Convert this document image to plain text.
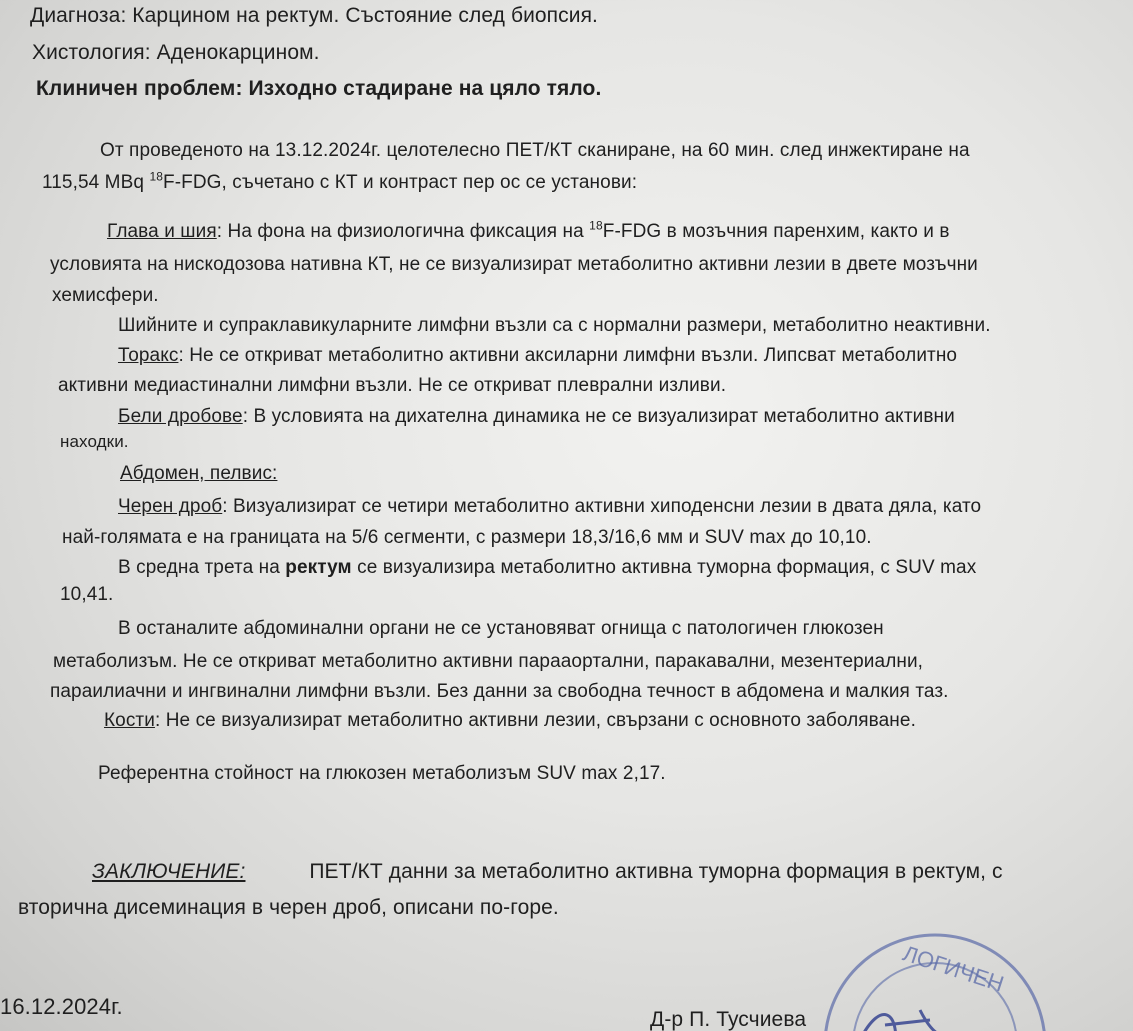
Диагноза: Карцином на ректум. Състояние след биопсия.
Хистология: Аденокарцином.
Клиничен проблем: Изходно стадиране на цяло тяло.
От проведеното на 13.12.2024г. целотелесно ПЕТ/КТ сканиране, на 60 мин. след инжектиране на
115,54 MBq $^{18}$F-FDG, съчетано с КТ и контраст пер ос се установи:
Глава и шия: На фона на физиологична фиксация на $^{18}$F-FDG в мозъчния паренхим, както и в
условията на нискодозова нативна КТ, не се визуализират метаболитно активни лезии в двете мозъчни
хемисфери.
Шийните и супраклавикуларните лимфни възли са с нормални размери, метаболитно неактивни.
Торакс: Не се откриват метаболитно активни аксиларни лимфни възли. Липсват метаболитно
активни медиастинални лимфни възли. Не се откриват плеврални изливи.
Бели дробове: В условията на дихателна динамика не се визуализират метаболитно активни
находки.
Абдомен, пелвис:
Черен дроб: Визуализират се четири метаболитно активни хиподенсни лезии в двата дяла, като
най-голямата е на границата на 5/6 сегменти, с размери 18,3/16,6 мм и SUV max до 10,10.
В средна трета на ректум се визуализира метаболитно активна туморна формация, с SUV max
10,41.
В останалите абдоминални органи не се установяват огнища с патологичен глюкозен
метаболизъм. Не се откриват метаболитно активни парааортални, паракавални, мезентериални,
параилиачни и ингвинални лимфни възли. Без данни за свободна течност в абдомена и малкия таз.
Кости: Не се визуализират метаболитно активни лезии, свързани с основното заболяване.
Референтна стойност на глюкозен метаболизъм SUV max 2,17.
ЗАКЛЮЧЕНИЕ:	ПЕТ/КТ данни за метаболитно активна туморна формация в ректум, с
вторична дисеминация в черен дроб, описани по-горе.
16.12.2024г.
Д-р П. Тусчиева
ЛОГИЧЕН
